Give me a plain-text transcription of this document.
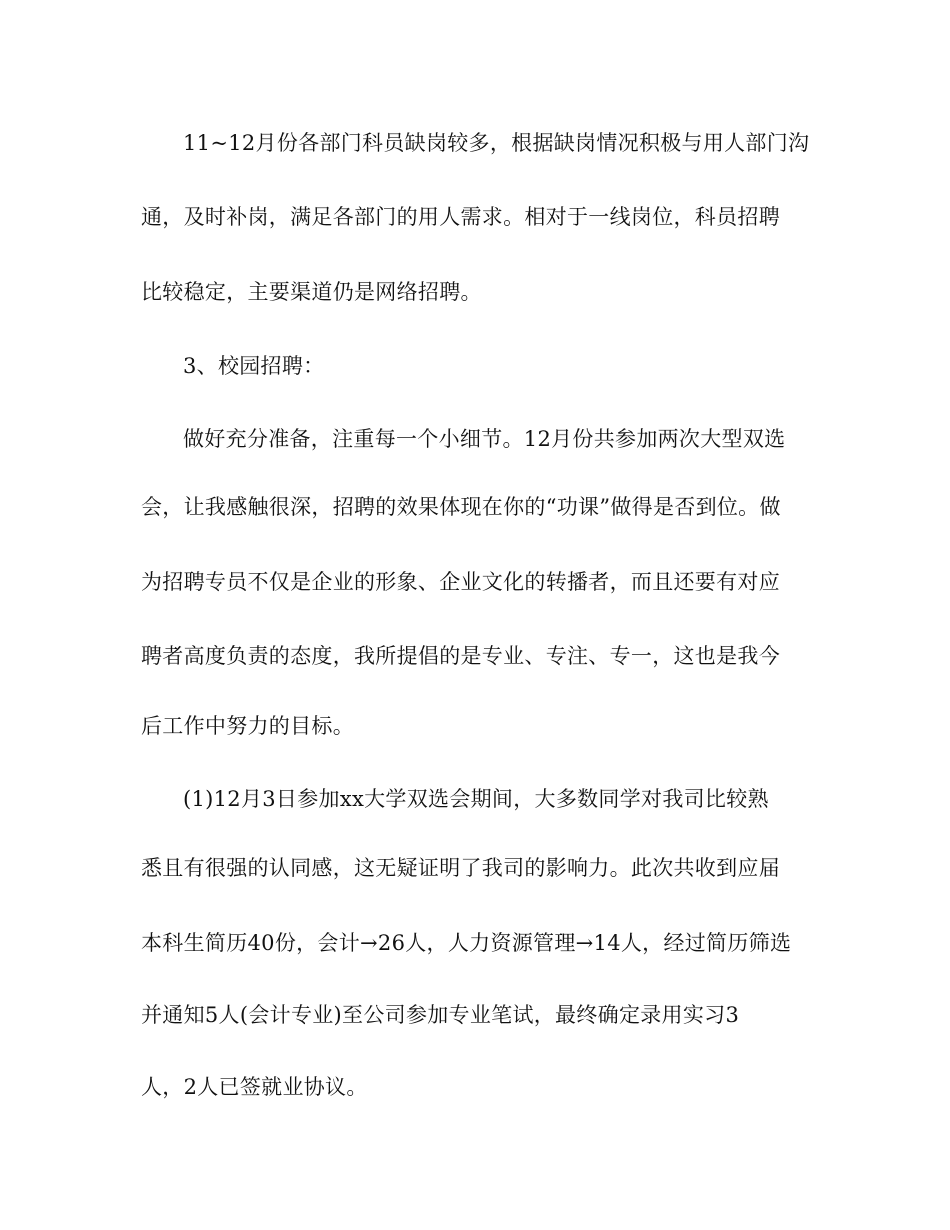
11~12月份各部门科员缺岗较多，根据缺岗情况积极与用人部门沟
通，及时补岗，满足各部门的用人需求。相对于一线岗位，科员招聘
比较稳定，主要渠道仍是网络招聘。
3、校园招聘：
做好充分准备，注重每一个小细节。12月份共参加两次大型双选
会，让我感触很深，招聘的效果体现在你的“功课”做得是否到位。做
为招聘专员不仅是企业的形象、企业文化的转播者，而且还要有对应
聘者高度负责的态度，我所提倡的是专业、专注、专一，这也是我今
后工作中努力的目标。
(1)12月3日参加xx大学双选会期间，大多数同学对我司比较熟
悉且有很强的认同感，这无疑证明了我司的影响力。此次共收到应届
本科生简历40份，会计→26人，人力资源管理→14人，经过简历筛选
并通知5人(会计专业)至公司参加专业笔试，最终确定录用实习3
人，2人已签就业协议。
